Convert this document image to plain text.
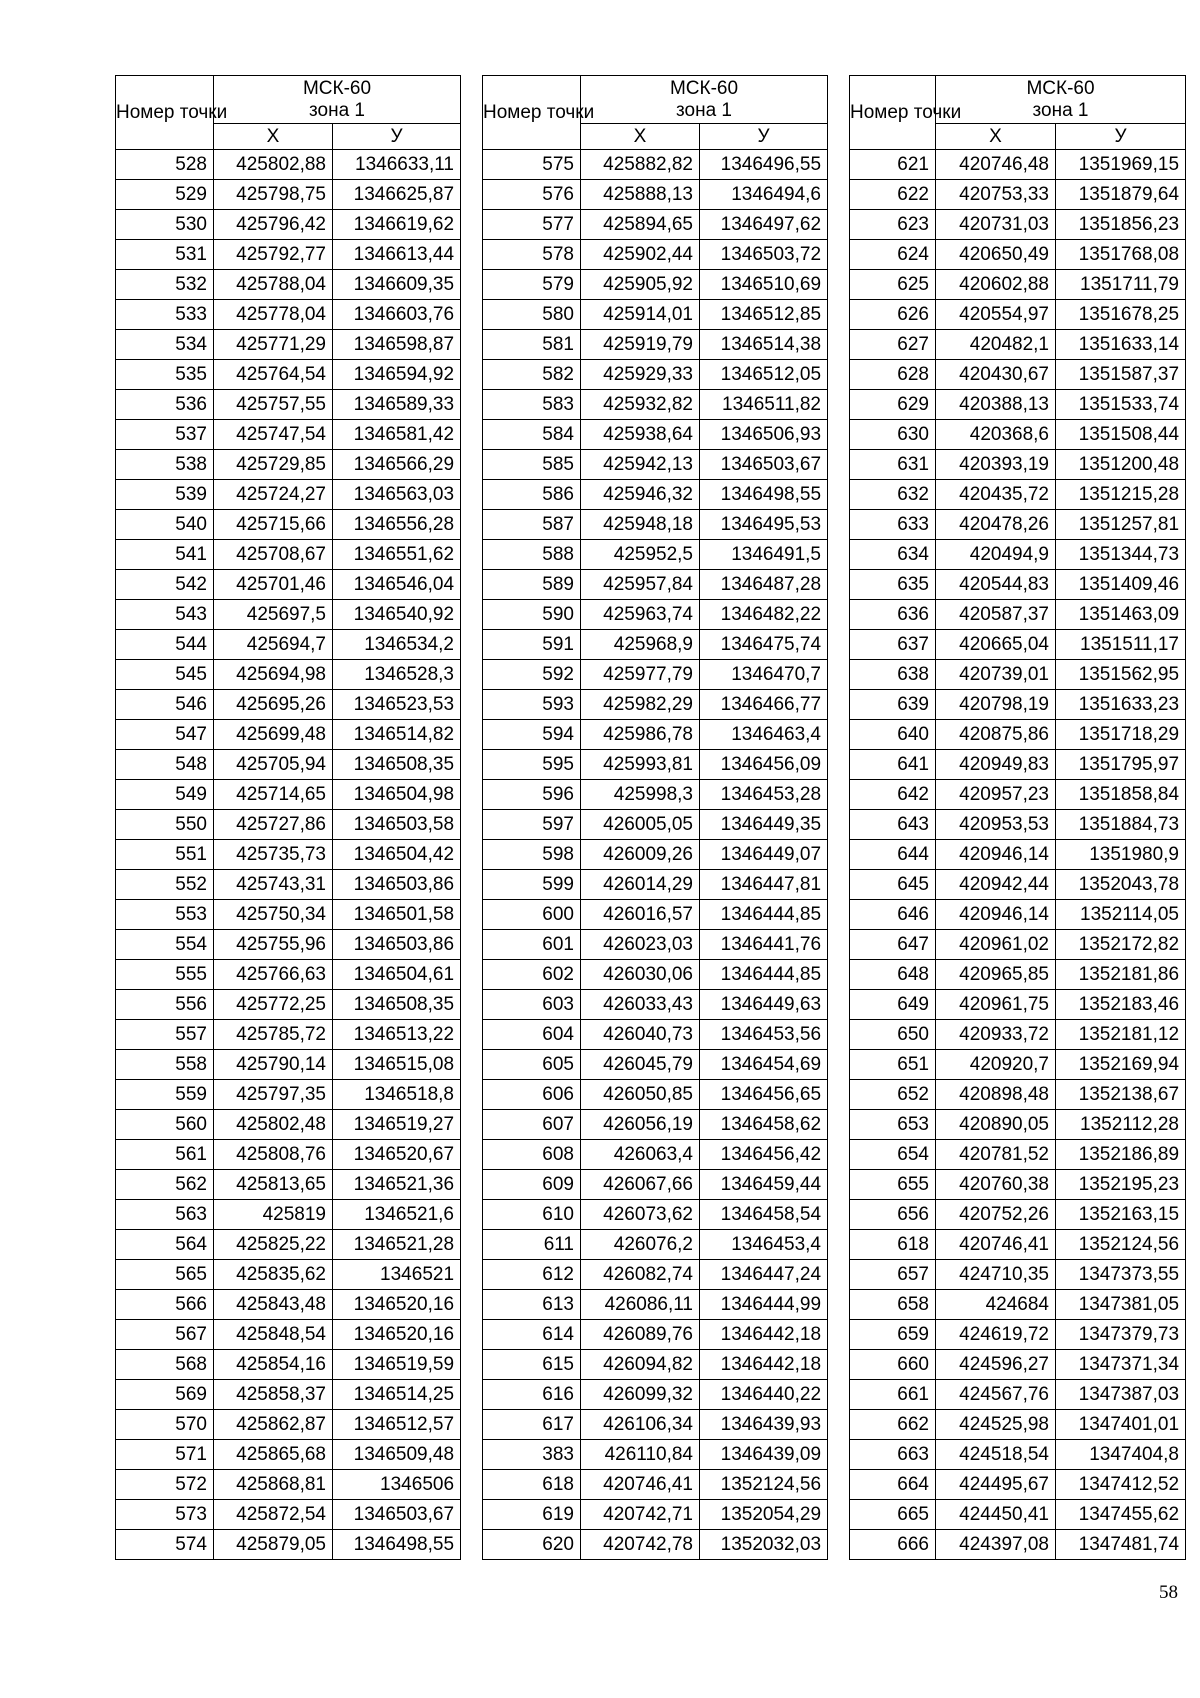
Номер точки	МСК-60
зона 1	
	X	У
528	425802,88	1346633,11
529	425798,75	1346625,87
530	425796,42	1346619,62
531	425792,77	1346613,44
532	425788,04	1346609,35
533	425778,04	1346603,76
534	425771,29	1346598,87
535	425764,54	1346594,92
536	425757,55	1346589,33
537	425747,54	1346581,42
538	425729,85	1346566,29
539	425724,27	1346563,03
540	425715,66	1346556,28
541	425708,67	1346551,62
542	425701,46	1346546,04
543	425697,5	1346540,92
544	425694,7	1346534,2
545	425694,98	1346528,3
546	425695,26	1346523,53
547	425699,48	1346514,82
548	425705,94	1346508,35
549	425714,65	1346504,98
550	425727,86	1346503,58
551	425735,73	1346504,42
552	425743,31	1346503,86
553	425750,34	1346501,58
554	425755,96	1346503,86
555	425766,63	1346504,61
556	425772,25	1346508,35
557	425785,72	1346513,22
558	425790,14	1346515,08
559	425797,35	1346518,8
560	425802,48	1346519,27
561	425808,76	1346520,67
562	425813,65	1346521,36
563	425819	1346521,6
564	425825,22	1346521,28
565	425835,62	1346521
566	425843,48	1346520,16
567	425848,54	1346520,16
568	425854,16	1346519,59
569	425858,37	1346514,25
570	425862,87	1346512,57
571	425865,68	1346509,48
572	425868,81	1346506
573	425872,54	1346503,67
574	425879,05	1346498,55
Номер точки	МСК-60
зона 1	
	X	У
575	425882,82	1346496,55
576	425888,13	1346494,6
577	425894,65	1346497,62
578	425902,44	1346503,72
579	425905,92	1346510,69
580	425914,01	1346512,85
581	425919,79	1346514,38
582	425929,33	1346512,05
583	425932,82	1346511,82
584	425938,64	1346506,93
585	425942,13	1346503,67
586	425946,32	1346498,55
587	425948,18	1346495,53
588	425952,5	1346491,5
589	425957,84	1346487,28
590	425963,74	1346482,22
591	425968,9	1346475,74
592	425977,79	1346470,7
593	425982,29	1346466,77
594	425986,78	1346463,4
595	425993,81	1346456,09
596	425998,3	1346453,28
597	426005,05	1346449,35
598	426009,26	1346449,07
599	426014,29	1346447,81
600	426016,57	1346444,85
601	426023,03	1346441,76
602	426030,06	1346444,85
603	426033,43	1346449,63
604	426040,73	1346453,56
605	426045,79	1346454,69
606	426050,85	1346456,65
607	426056,19	1346458,62
608	426063,4	1346456,42
609	426067,66	1346459,44
610	426073,62	1346458,54
611	426076,2	1346453,4
612	426082,74	1346447,24
613	426086,11	1346444,99
614	426089,76	1346442,18
615	426094,82	1346442,18
616	426099,32	1346440,22
617	426106,34	1346439,93
383	426110,84	1346439,09
618	420746,41	1352124,56
619	420742,71	1352054,29
620	420742,78	1352032,03
Номер точки	МСК-60
зона 1	
	X	У
621	420746,48	1351969,15
622	420753,33	1351879,64
623	420731,03	1351856,23
624	420650,49	1351768,08
625	420602,88	1351711,79
626	420554,97	1351678,25
627	420482,1	1351633,14
628	420430,67	1351587,37
629	420388,13	1351533,74
630	420368,6	1351508,44
631	420393,19	1351200,48
632	420435,72	1351215,28
633	420478,26	1351257,81
634	420494,9	1351344,73
635	420544,83	1351409,46
636	420587,37	1351463,09
637	420665,04	1351511,17
638	420739,01	1351562,95
639	420798,19	1351633,23
640	420875,86	1351718,29
641	420949,83	1351795,97
642	420957,23	1351858,84
643	420953,53	1351884,73
644	420946,14	1351980,9
645	420942,44	1352043,78
646	420946,14	1352114,05
647	420961,02	1352172,82
648	420965,85	1352181,86
649	420961,75	1352183,46
650	420933,72	1352181,12
651	420920,7	1352169,94
652	420898,48	1352138,67
653	420890,05	1352112,28
654	420781,52	1352186,89
655	420760,38	1352195,23
656	420752,26	1352163,15
618	420746,41	1352124,56
657	424710,35	1347373,55
658	424684	1347381,05
659	424619,72	1347379,73
660	424596,27	1347371,34
661	424567,76	1347387,03
662	424525,98	1347401,01
663	424518,54	1347404,8
664	424495,67	1347412,52
665	424450,41	1347455,62
666	424397,08	1347481,74
58
